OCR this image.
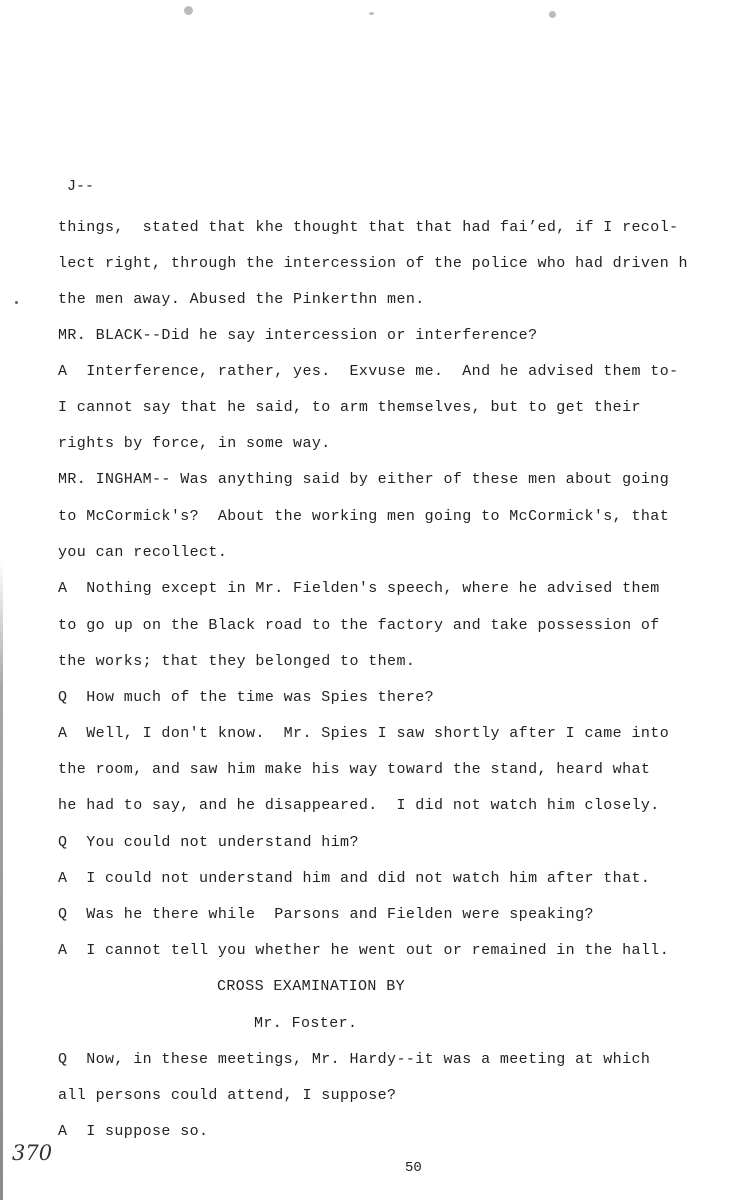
J--
things,  stated that khe thought that that had fai’ed, if I recol-
lect right, through the intercession of the police who had driven h
the men away. Abused the Pinkerthn men.
MR. BLACK--Did he say intercession or interference?
A  Interference, rather, yes.  Exvuse me.  And he advised them to-
I cannot say that he said, to arm themselves, but to get their
rights by force, in some way.
MR. INGHAM-- Was anything said by either of these men about going
to McCormick's?  About the working men going to McCormick's, that
you can recollect.
A  Nothing except in Mr. Fielden's speech, where he advised them
to go up on the Black road to the factory and take possession of
the works; that they belonged to them.
Q  How much of the time was Spies there?
A  Well, I don't know.  Mr. Spies I saw shortly after I came into
the room, and saw him make his way toward the stand, heard what
he had to say, and he disappeared.  I did not watch him closely.
Q  You could not understand him?
A  I could not understand him and did not watch him after that.
Q  Was he there while  Parsons and Fielden were speaking?
A  I cannot tell you whether he went out or remained in the hall.
CROSS EXAMINATION BY
Mr. Foster.
Q  Now, in these meetings, Mr. Hardy--it was a meeting at which
all persons could attend, I suppose?
A  I suppose so.
370
50
